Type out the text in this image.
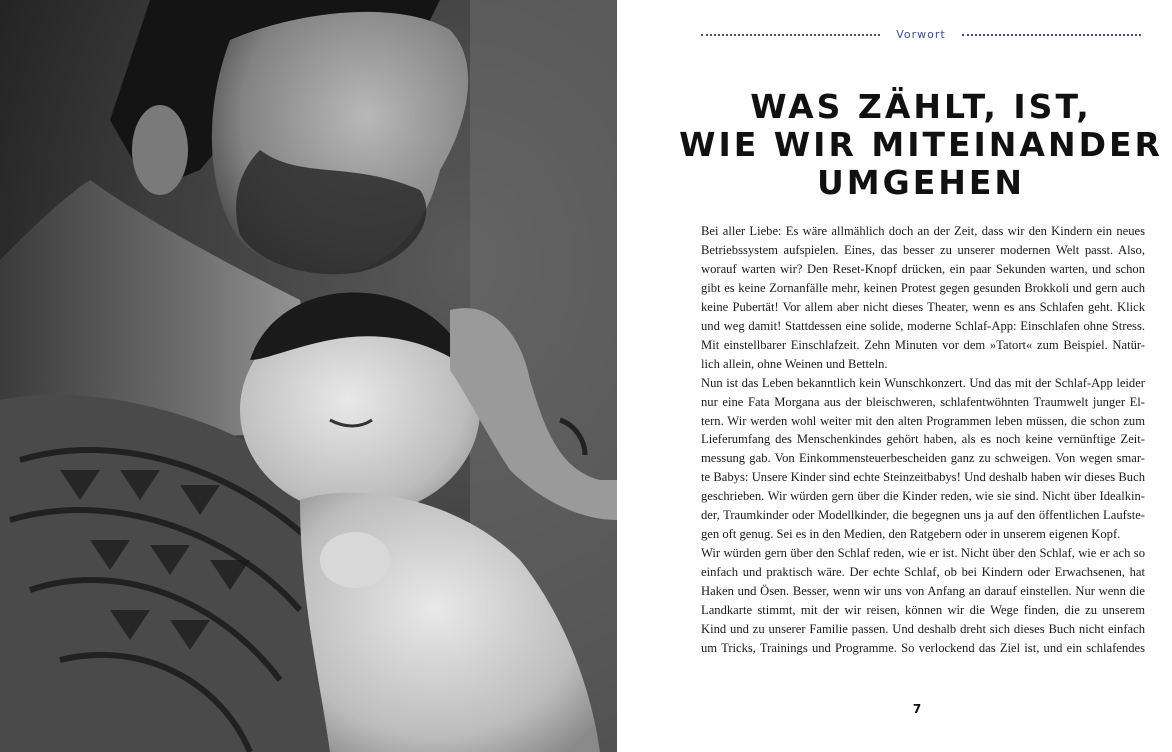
Vorwort
WAS ZÄHLT, IST,
WIE WIR MITEINANDER
UMGEHEN
Bei aller Liebe: Es wäre allmählich doch an der Zeit, dass wir den Kindern ein neues
Betriebssystem aufspielen. Eines, das besser zu unserer modernen Welt passt. Also,
worauf warten wir? Den Reset-Knopf drücken, ein paar Sekunden warten, und schon
gibt es keine Zornanfälle mehr, keinen Protest gegen gesunden Brokkoli und gern auch
keine Pubertät! Vor allem aber nicht dieses Theater, wenn es ans Schlafen geht. Klick
und weg damit! Stattdessen eine solide, moderne Schlaf-App: Einschlafen ohne Stress.
Mit einstellbarer Einschlafzeit. Zehn Minuten vor dem »Tatort« zum Beispiel. Natür-
lich allein, ohne Weinen und Betteln.
Nun ist das Leben bekanntlich kein Wunschkonzert. Und das mit der Schlaf-App leider
nur eine Fata Morgana aus der bleischweren, schlafentwöhnten Traumwelt junger El-
tern. Wir werden wohl weiter mit den alten Programmen leben müssen, die schon zum
Lieferumfang des Menschenkindes gehört haben, als es noch keine vernünftige Zeit-
messung gab. Von Einkommensteuerbescheiden ganz zu schweigen. Von wegen smar-
te Babys: Unsere Kinder sind echte Steinzeitbabys! Und deshalb haben wir dieses Buch
geschrieben. Wir würden gern über die Kinder reden, wie sie sind. Nicht über Idealkin-
der, Traumkinder oder Modellkinder, die begegnen uns ja auf den öffentlichen Laufste-
gen oft genug. Sei es in den Medien, den Ratgebern oder in unserem eigenen Kopf.
Wir würden gern über den Schlaf reden, wie er ist. Nicht über den Schlaf, wie er ach so
einfach und praktisch wäre. Der echte Schlaf, ob bei Kindern oder Erwachsenen, hat
Haken und Ösen. Besser, wenn wir uns von Anfang an darauf einstellen. Nur wenn die
Landkarte stimmt, mit der wir reisen, können wir die Wege finden, die zu unserem
Kind und zu unserer Familie passen. Und deshalb dreht sich dieses Buch nicht einfach
um Tricks, Trainings und Programme. So verlockend das Ziel ist, und ein schlafendes
7
